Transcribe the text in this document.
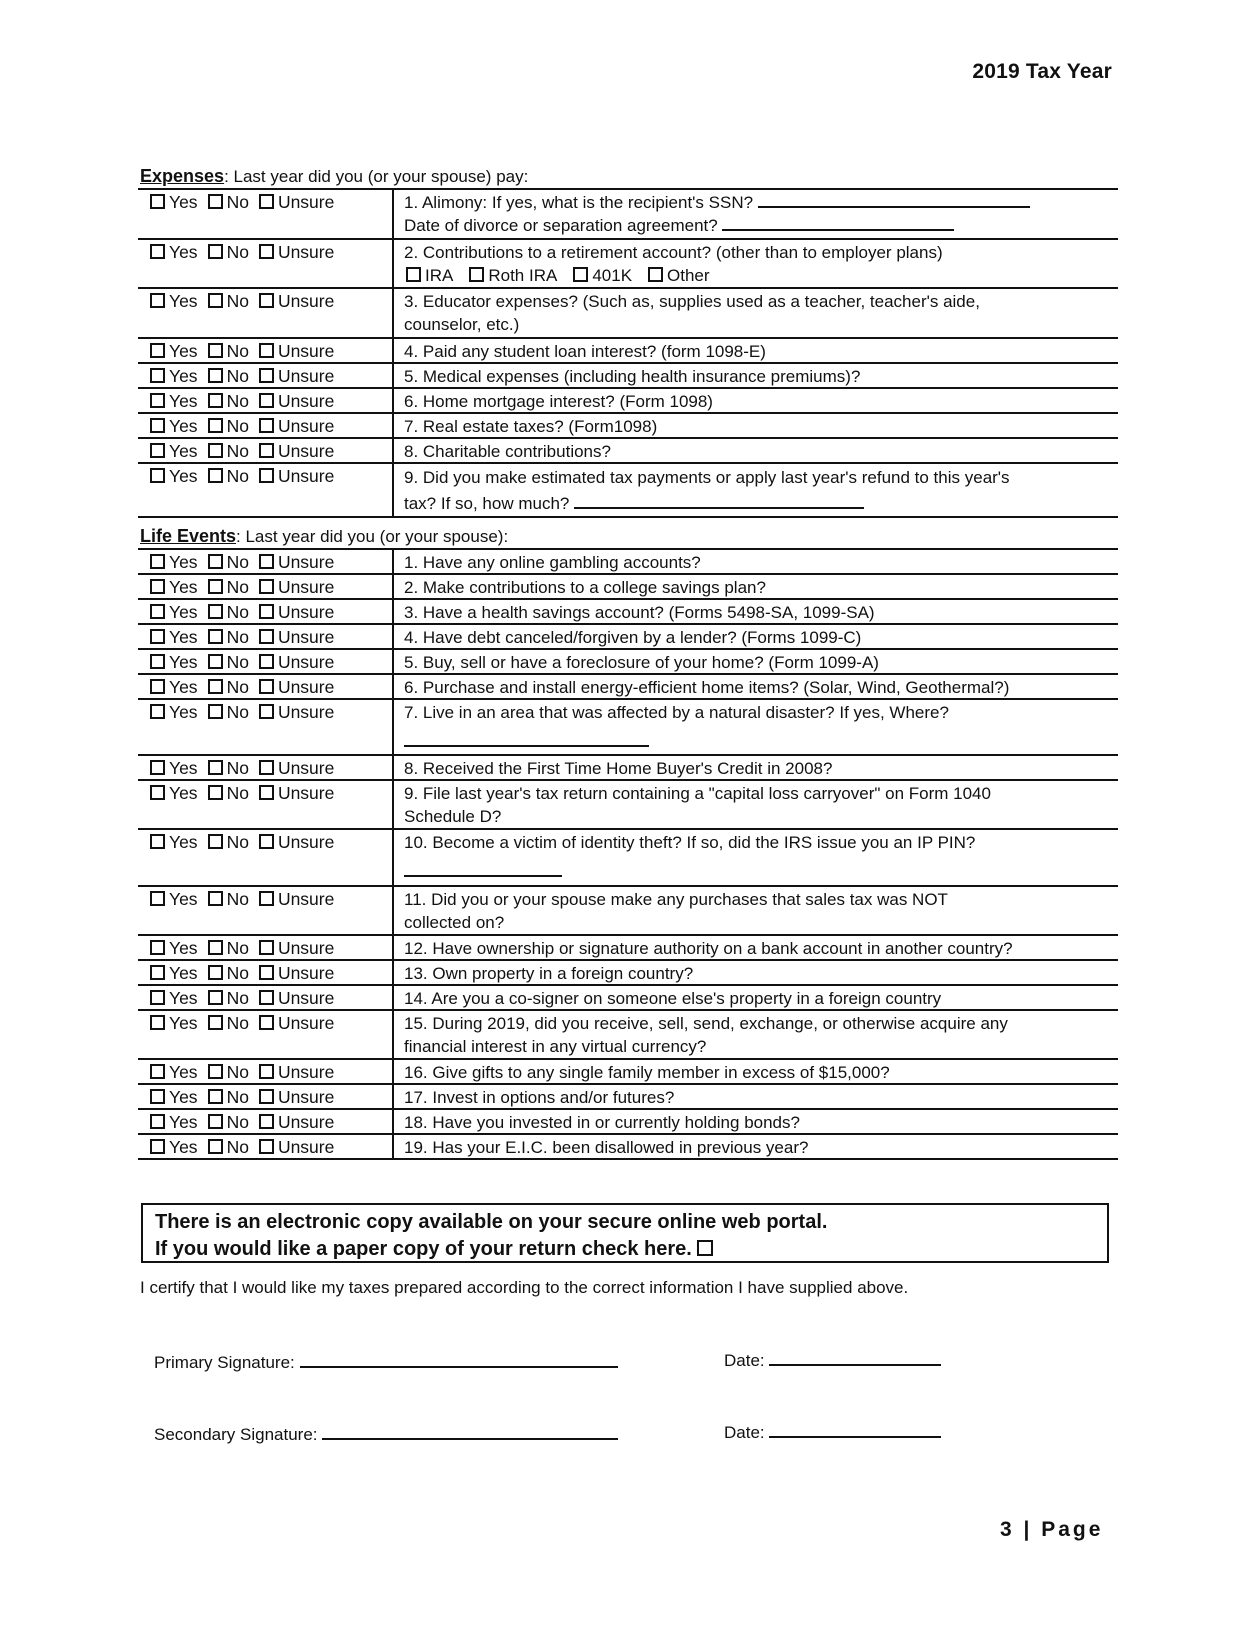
2019 Tax Year
Expenses: Last year did you (or your spouse) pay:
Yes No Unsure	1. Alimony: If yes, what is the recipient's SSN?
Date of divorce or separation agreement?
Yes No Unsure	2. Contributions to a retirement account? (other than to employer plans)
IRA Roth IRA 401K Other
Yes No Unsure	3. Educator expenses? (Such as, supplies used as a teacher, teacher's aide,
counselor, etc.)
Yes No Unsure	4. Paid any student loan interest? (form 1098-E)
Yes No Unsure	5. Medical expenses (including health insurance premiums)?
Yes No Unsure	6. Home mortgage interest? (Form 1098)
Yes No Unsure	7. Real estate taxes? (Form1098)
Yes No Unsure	8. Charitable contributions?
Yes No Unsure	9. Did you make estimated tax payments or apply last year's refund to this year's
tax? If so, how much?
Life Events: Last year did you (or your spouse):
Yes No Unsure	1. Have any online gambling accounts?
Yes No Unsure	2. Make contributions to a college savings plan?
Yes No Unsure	3. Have a health savings account? (Forms 5498-SA, 1099-SA)
Yes No Unsure	4. Have debt canceled/forgiven by a lender? (Forms 1099-C)
Yes No Unsure	5. Buy, sell or have a foreclosure of your home? (Form 1099-A)
Yes No Unsure	6. Purchase and install energy-efficient home items? (Solar, Wind, Geothermal?)
Yes No Unsure	7. Live in an area that was affected by a natural disaster? If yes, Where?
Yes No Unsure	8. Received the First Time Home Buyer's Credit in 2008?
Yes No Unsure	9. File last year's tax return containing a "capital loss carryover" on Form 1040
Schedule D?
Yes No Unsure	10. Become a victim of identity theft? If so, did the IRS issue you an IP PIN?
Yes No Unsure	11. Did you or your spouse make any purchases that sales tax was NOT
collected on?
Yes No Unsure	12. Have ownership or signature authority on a bank account in another country?
Yes No Unsure	13. Own property in a foreign country?
Yes No Unsure	14. Are you a co-signer on someone else's property in a foreign country
Yes No Unsure	15. During 2019, did you receive, sell, send, exchange, or otherwise acquire any
financial interest in any virtual currency?
Yes No Unsure	16. Give gifts to any single family member in excess of $15,000?
Yes No Unsure	17. Invest in options and/or futures?
Yes No Unsure	18. Have you invested in or currently holding bonds?
Yes No Unsure	19. Has your E.I.C. been disallowed in previous year?
There is an electronic copy available on your secure online web portal.
If you would like a paper copy of your return check here.
I certify that I would like my taxes prepared according to the correct information I have supplied above.
Primary Signature:	Date:
Secondary Signature:	Date:
3 | Page
